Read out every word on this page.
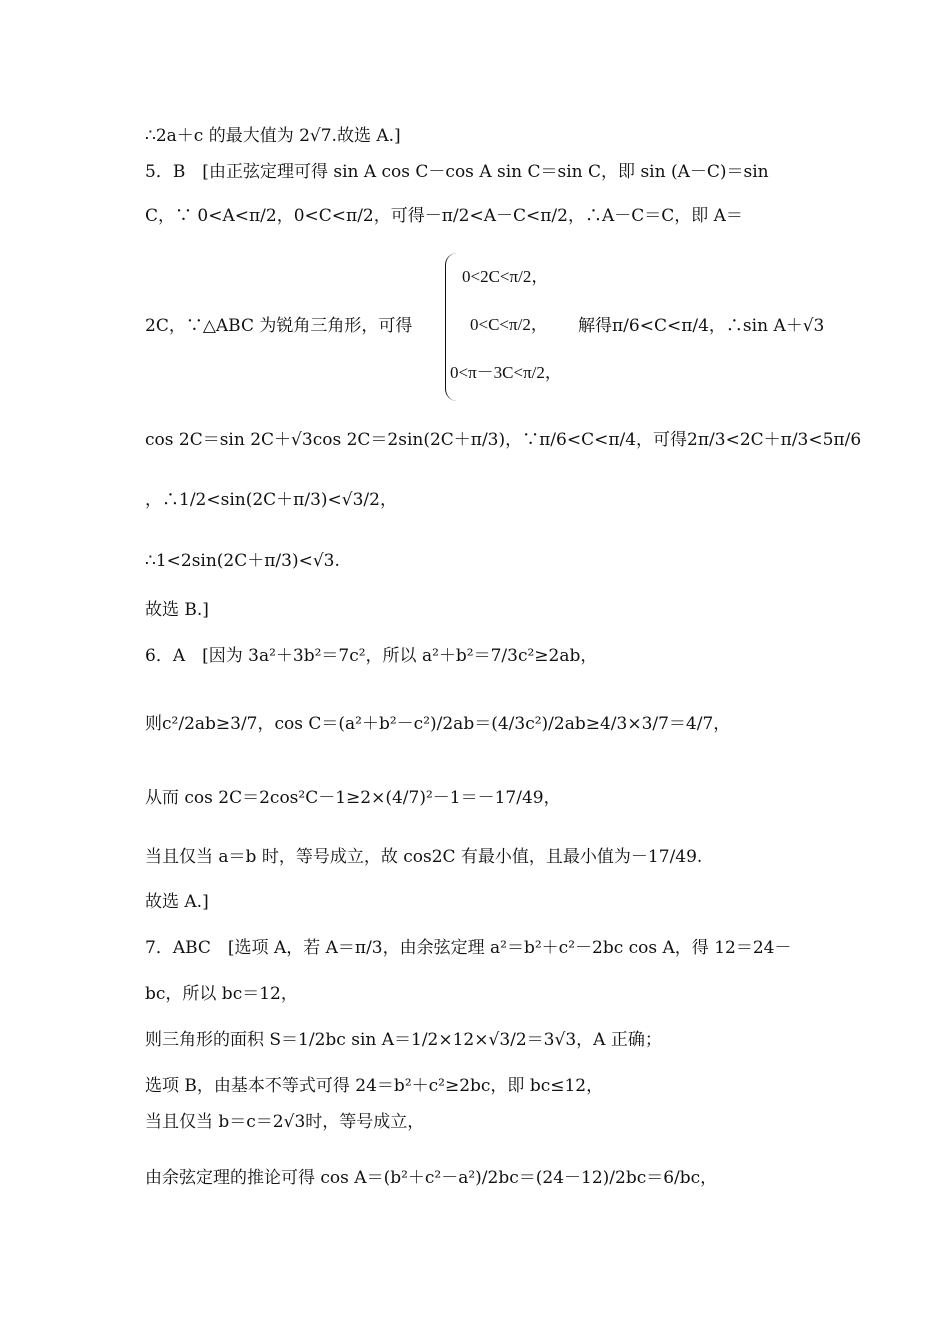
∴2a＋c 的最大值为 2√7.故选 A.]
5．B　[由正弦定理可得 sin A cos C－cos A sin C＝sin C，即 sin (A－C)＝sin
C，∵ 0<A<π/2，0<C<π/2，可得－π/2<A－C<π/2，∴A－C＝C，即 A＝
2C，∵△ABC 为锐角三角形，可得
0<2C<π/2，
0<C<π/2，
0<π－3C<π/2，
解得π/6<C<π/4，∴sin A＋√3
cos 2C＝sin 2C＋√3cos 2C＝2sin(2C＋π/3)，∵π/6<C<π/4，可得2π/3<2C＋π/3<5π/6
，∴1/2<sin(2C＋π/3)<√3/2，
∴1<2sin(2C＋π/3)<√3.
故选 B.]
6．A　[因为 3a²＋3b²＝7c²，所以 a²＋b²＝7/3c²≥2ab，
则c²/2ab≥3/7，cos C＝(a²＋b²－c²)/2ab＝(4/3c²)/2ab≥4/3×3/7＝4/7，
从而 cos 2C＝2cos²C－1≥2×(4/7)²－1＝－17/49，
当且仅当 a＝b 时，等号成立，故 cos2C 有最小值，且最小值为－17/49.
故选 A.]
7．ABC　[选项 A，若 A＝π/3，由余弦定理 a²＝b²＋c²－2bc cos A，得 12＝24－
bc，所以 bc＝12，
则三角形的面积 S＝1/2bc sin A＝1/2×12×√3/2＝3√3，A 正确；
选项 B，由基本不等式可得 24＝b²＋c²≥2bc，即 bc≤12，
当且仅当 b＝c＝2√3时，等号成立，
由余弦定理的推论可得 cos A＝(b²＋c²－a²)/2bc＝(24－12)/2bc＝6/bc，
